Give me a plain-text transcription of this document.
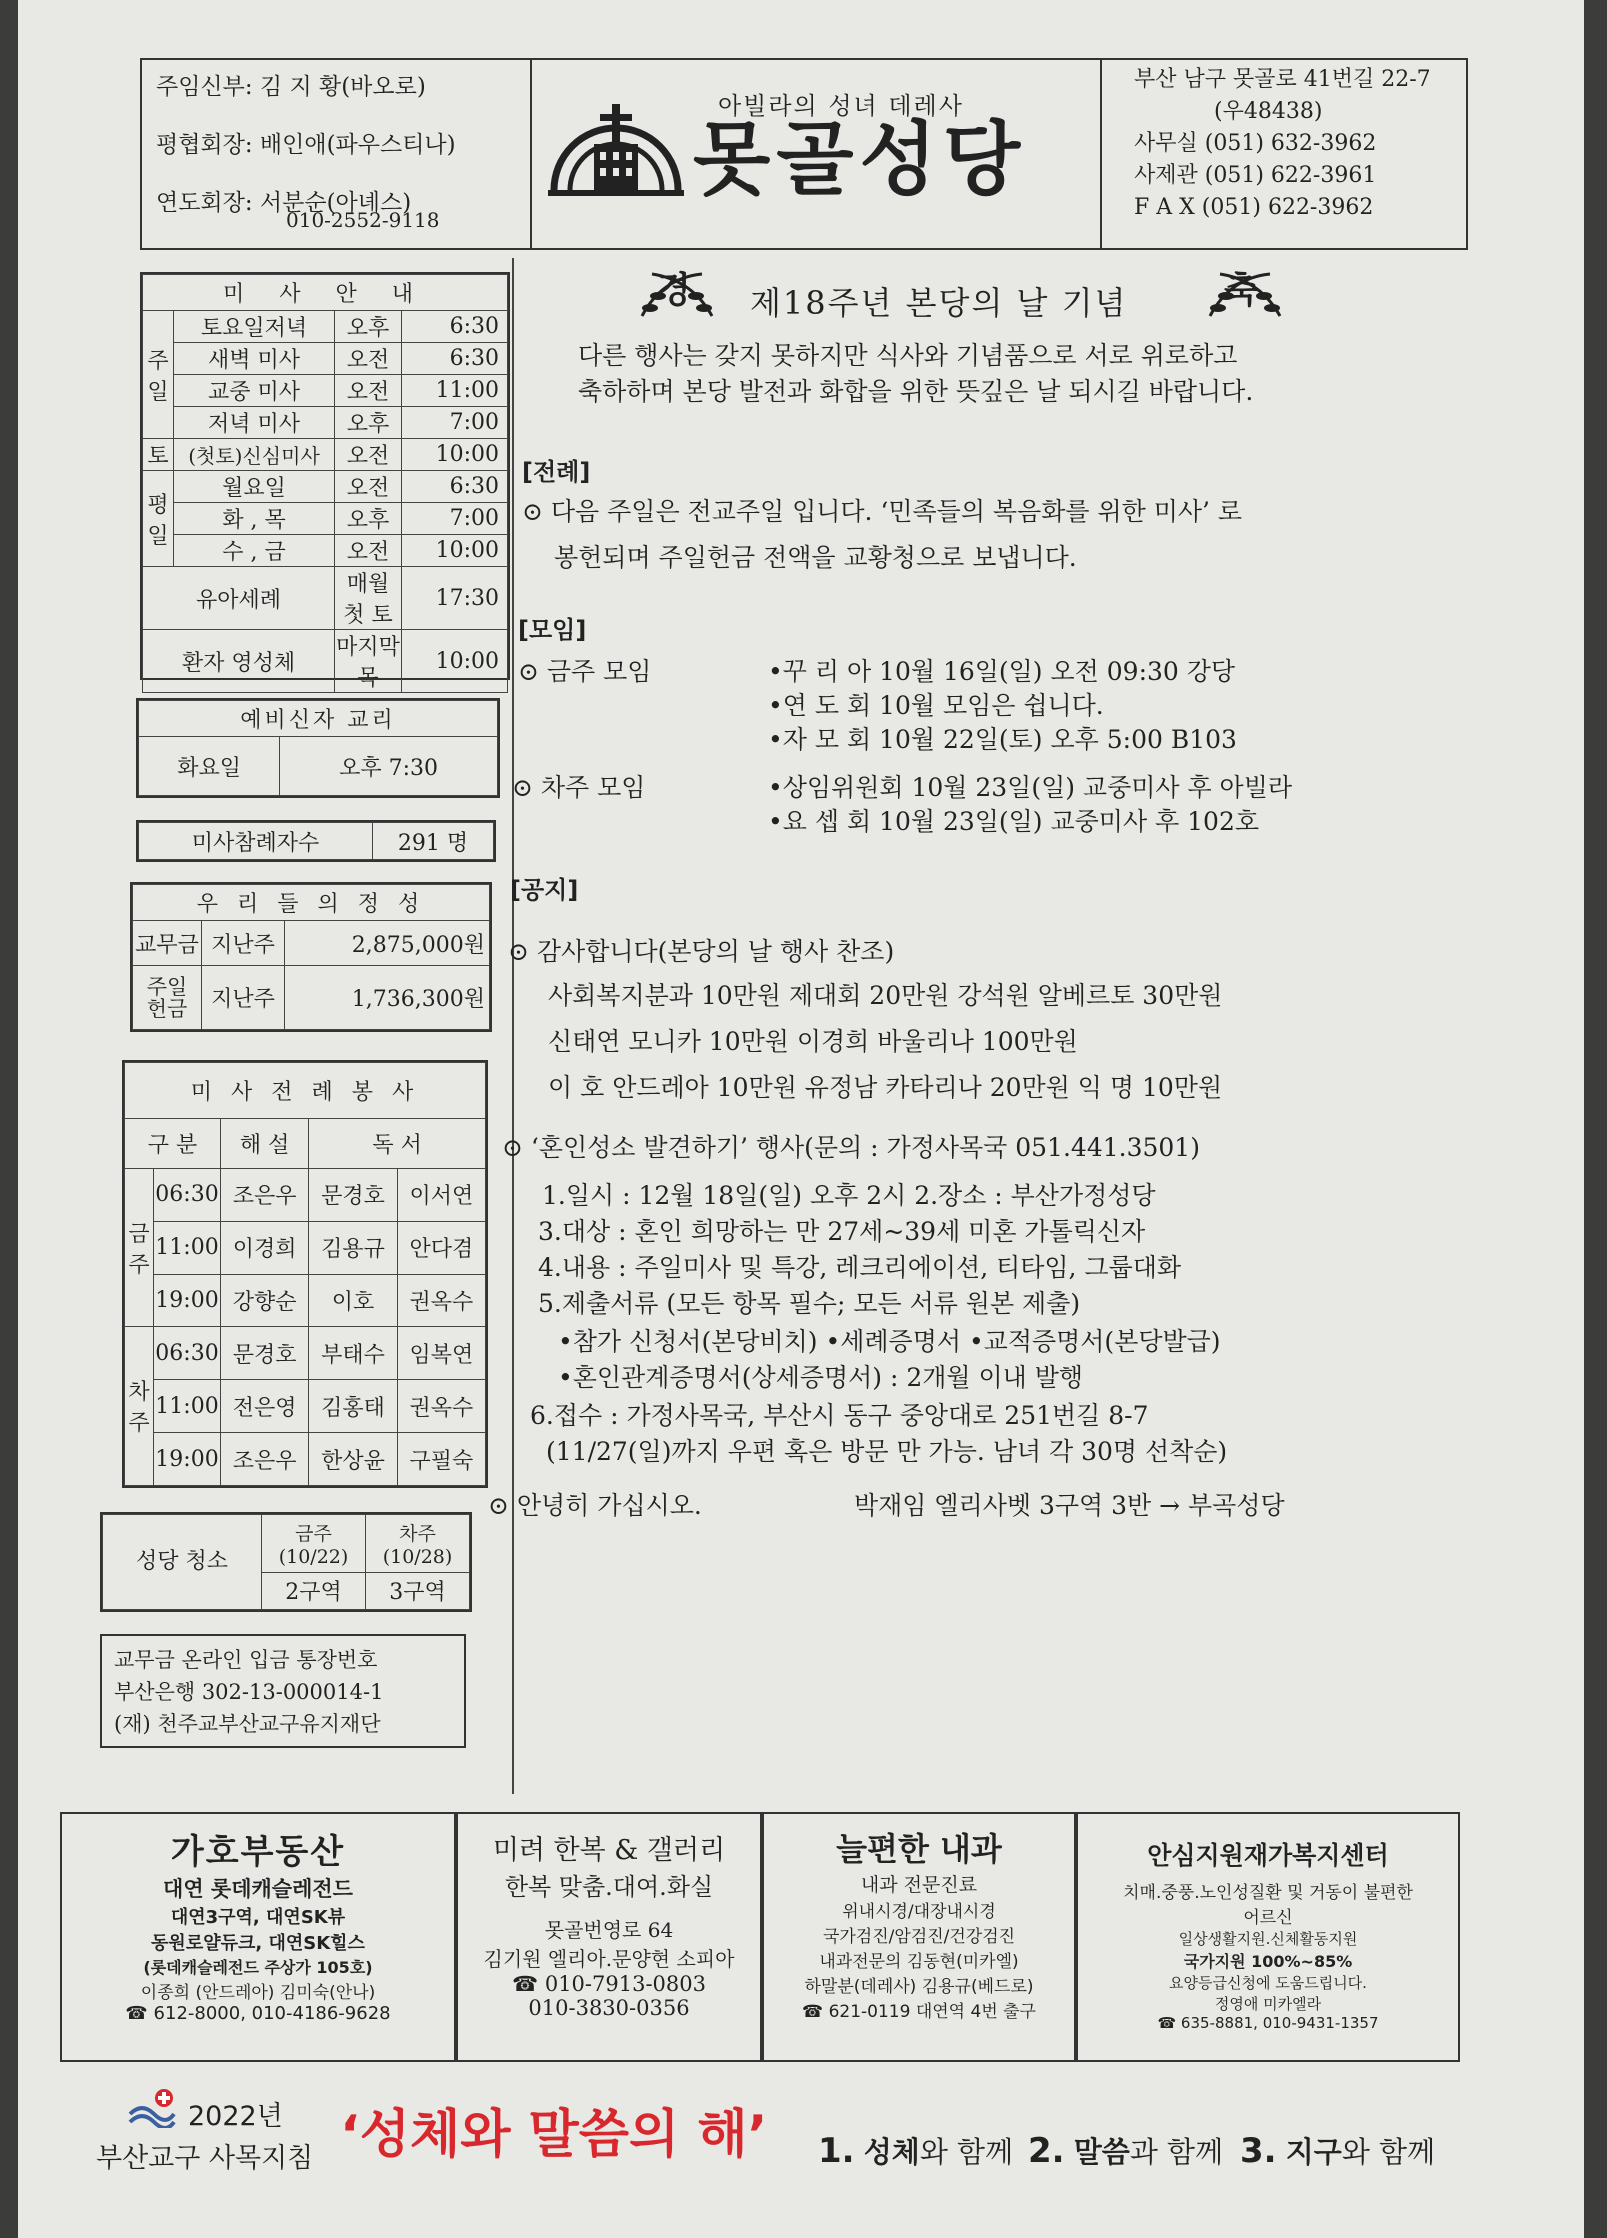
주임신부: 김 지 황(바오로)
평협회장: 배인애(파우스티나)
연도회장: 서분순(아녜스)
010-2552-9118
아빌라의 성녀 데레사
못골성당
부산 남구 못골로 41번길 22-7
(우48438)
사무실 (051) 632-3962
사제관 (051) 622-3961
F A X (051) 622-3962
미 사 안 내			
주일	토요일저녁	오후	6:30
	새벽 미사	오전	6:30
	교중 미사	오전	11:00
	저녁 미사	오후	7:00
토	(첫토)신심미사	오전	10:00
평일	월요일	오전	6:30
	화 , 목	오후	7:00
	수 , 금	오전	10:00
유아세례		매월 첫 토	17:30
환자 영성체		마지막 목	10:00
예비신자 교리
화요일	오후 7:30
미사참례자수	291 명
우 리 들 의 정 성		
교무금	지난주	2,875,000원
주일헌금	지난주	1,736,300원
미 사 전 례 봉 사				
구 분		해 설	독 서	
금주	06:30	조은우	문경호	이서연
	11:00	이경희	김용규	안다겸
	19:00	강향순	이호	권옥수
차주	06:30	문경호	부태수	임복연
	11:00	전은영	김홍태	권옥수
	19:00	조은우	한상윤	구필숙
성당 청소	금주(10/22)	차주(10/28)
	2구역	3구역
교무금 온라인 입금 통장번호
부산은행 302-13-000014-1
(재) 천주교부산교구유지재단
경 제18주년 본당의 날 기념	축
다른 행사는 갖지 못하지만 식사와 기념품으로 서로 위로하고
축하하며 본당 발전과 화합을 위한 뜻깊은 날 되시길 바랍니다.
[전례]
⊙ 다음 주일은 전교주일 입니다. ‘민족들의 복음화를 위한 미사’ 로
봉헌되며 주일헌금 전액을 교황청으로 보냅니다.
[모임]
⊙ 금주 모임	•꾸 리 아 10월 16일(일) 오전 09:30 강당
•연 도 회 10월 모임은 쉽니다.
•자 모 회 10월 22일(토) 오후 5:00 B103
⊙ 차주 모임	•상임위원회 10월 23일(일) 교중미사 후 아빌라
•요 셉 회 10월 23일(일) 교중미사 후 102호
[공지]
⊙ 감사합니다(본당의 날 행사 찬조)
사회복지분과 10만원 제대회 20만원 강석원 알베르토 30만원
신태연 모니카 10만원 이경희 바울리나 100만원
이 호 안드레아 10만원 유정남 카타리나 20만원 익 명 10만원
⊙ ‘혼인성소 발견하기’ 행사(문의 : 가정사목국 051.441.3501)
1.일시 : 12월 18일(일) 오후 2시 2.장소 : 부산가정성당
3.대상 : 혼인 희망하는 만 27세~39세 미혼 가톨릭신자
4.내용 : 주일미사 및 특강, 레크리에이션, 티타임, 그룹대화
5.제출서류 (모든 항목 필수; 모든 서류 원본 제출)
•참가 신청서(본당비치) •세례증명서 •교적증명서(본당발급)
•혼인관계증명서(상세증명서) : 2개월 이내 발행
6.접수 : 가정사목국, 부산시 동구 중앙대로 251번길 8-7
(11/27(일)까지 우편 혹은 방문 만 가능. 남녀 각 30명 선착순)
⊙ 안녕히 가십시오.	박재임 엘리사벳 3구역 3반 → 부곡성당
가호부동산
대연 롯데캐슬레전드
대연3구역, 대연SK뷰
동원로얄듀크, 대연SK힐스
(롯데캐슬레전드 주상가 105호)
이종희 (안드레아) 김미숙(안나)
☎ 612-8000, 010-4186-9628
미려 한복 & 갤러리
한복 맞춤.대여.화실
못골번영로 64
김기원 엘리아.문양현 소피아
☎ 010-7913-0803
010-3830-0356
늘편한 내과
내과 전문진료
위내시경/대장내시경
국가검진/암검진/건강검진
내과전문의 김동현(미카엘)
하말분(데레사) 김용규(베드로)
☎ 621-0119 대연역 4번 출구
안심지원재가복지센터
치매.중풍.노인성질환 및 거동이 불편한
어르신
일상생활지원.신체활동지원
국가지원 100%~85%
요양등급신청에 도움드립니다.
정영애 미카엘라
☎ 635-8881, 010-9431-1357
2022년
부산교구 사목지침 ‘성체와 말씀의 해’ 1. 성체와 함께 2. 말씀과 함께 3. 지구와 함께
